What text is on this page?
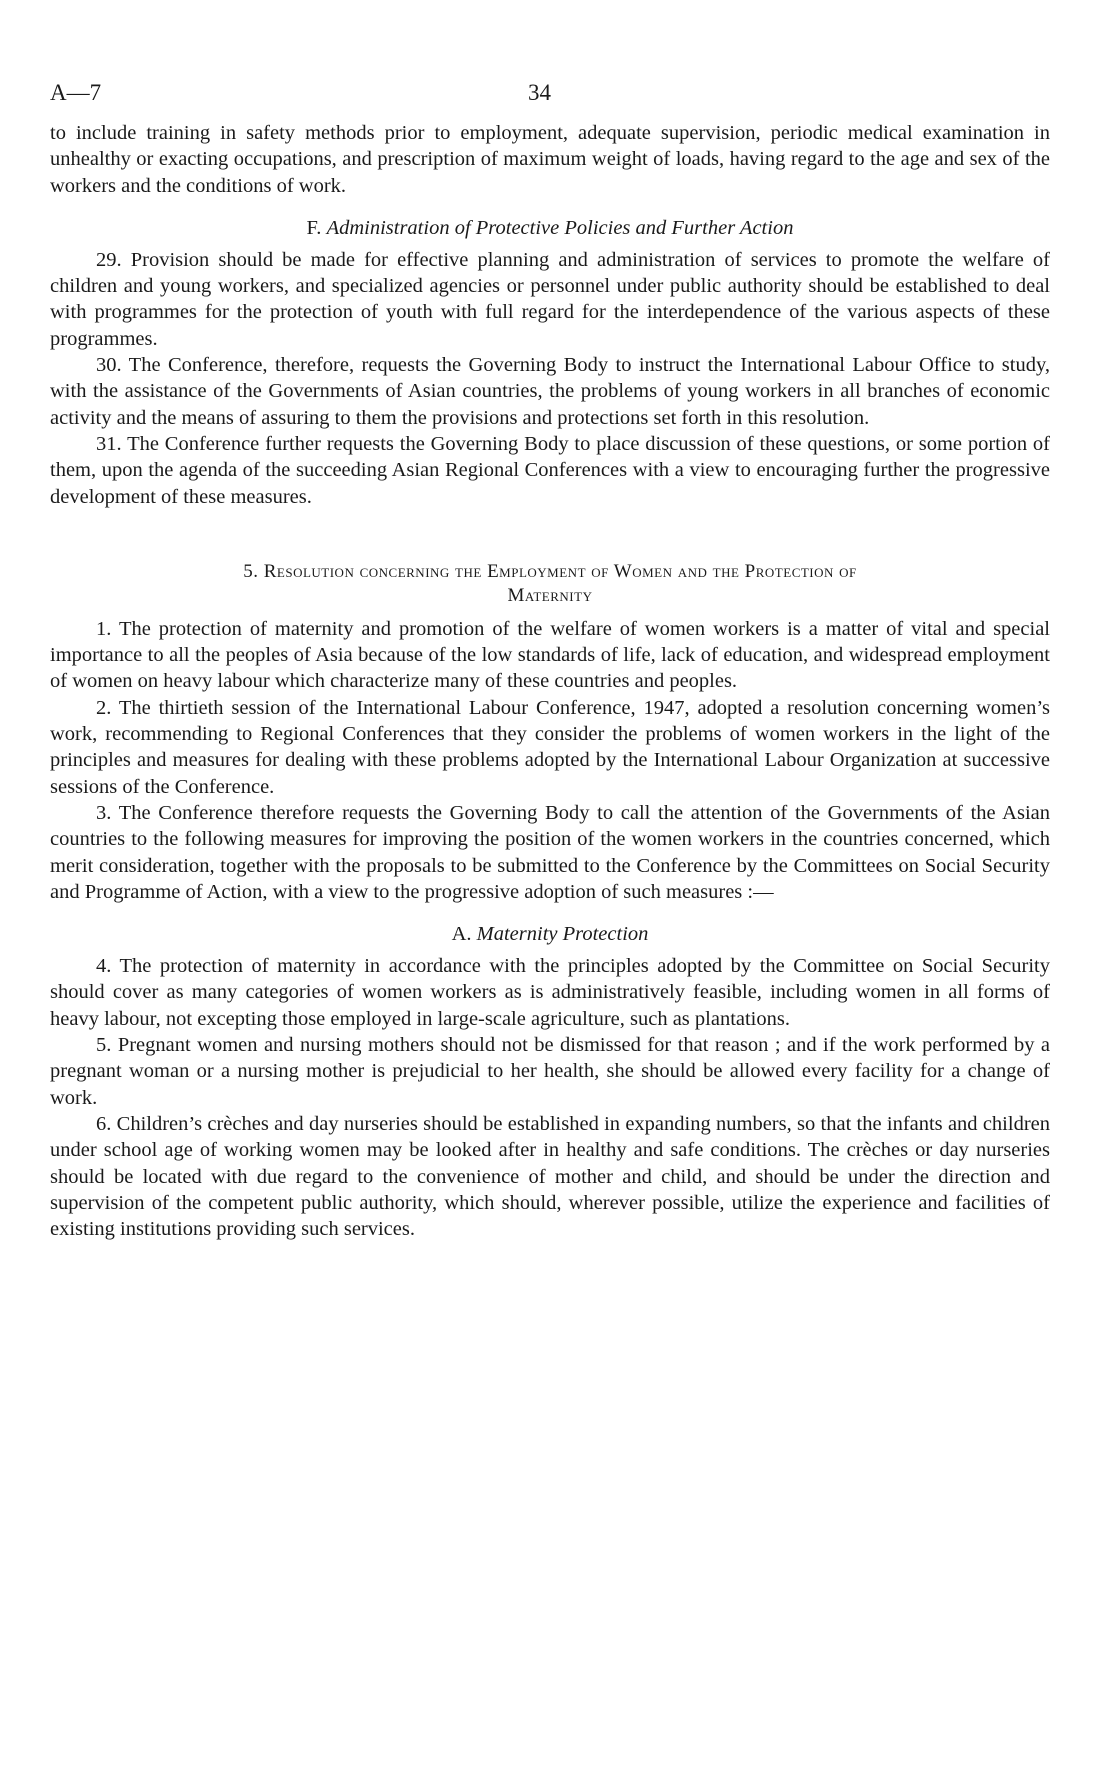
A—7	34

to include training in safety methods prior to employment, adequate supervision, periodic medical examination in unhealthy or exacting occupations, and prescription of maximum weight of loads, having regard to the age and sex of the workers and the conditions of work.

F. Administration of Protective Policies and Further Action

29. Provision should be made for effective planning and administration of services to promote the welfare of children and young workers, and specialized agencies or personnel under public authority should be established to deal with programmes for the protection of youth with full regard for the interdependence of the various aspects of these programmes.

30. The Conference, therefore, requests the Governing Body to instruct the International Labour Office to study, with the assistance of the Governments of Asian countries, the problems of young workers in all branches of economic activity and the means of assuring to them the provisions and protections set forth in this resolution.

31. The Conference further requests the Governing Body to place discussion of these questions, or some portion of them, upon the agenda of the succeeding Asian Regional Conferences with a view to encouraging further the progressive development of these measures.

5. Resolution concerning the Employment of Women and the Protection of
Maternity

1. The protection of maternity and promotion of the welfare of women workers is a matter of vital and special importance to all the peoples of Asia because of the low standards of life, lack of education, and widespread employment of women on heavy labour which characterize many of these countries and peoples.

2. The thirtieth session of the International Labour Conference, 1947, adopted a resolution concerning women’s work, recommending to Regional Conferences that they consider the problems of women workers in the light of the principles and measures for dealing with these problems adopted by the International Labour Organization at successive sessions of the Conference.

3. The Conference therefore requests the Governing Body to call the attention of the Governments of the Asian countries to the following measures for improving the position of the women workers in the countries concerned, which merit consideration, together with the proposals to be submitted to the Conference by the Committees on Social Security and Programme of Action, with a view to the progressive adoption of such measures :—

A. Maternity Protection

4. The protection of maternity in accordance with the principles adopted by the Committee on Social Security should cover as many categories of women workers as is administratively feasible, including women in all forms of heavy labour, not excepting those employed in large-scale agriculture, such as plantations.

5. Pregnant women and nursing mothers should not be dismissed for that reason ; and if the work performed by a pregnant woman or a nursing mother is prejudicial to her health, she should be allowed every facility for a change of work.

6. Children’s crèches and day nurseries should be established in expanding numbers, so that the infants and children under school age of working women may be looked after in healthy and safe conditions. The crèches or day nurseries should be located with due regard to the convenience of mother and child, and should be under the direction and supervision of the competent public authority, which should, wherever possible, utilize the experience and facilities of existing institutions providing such services.
